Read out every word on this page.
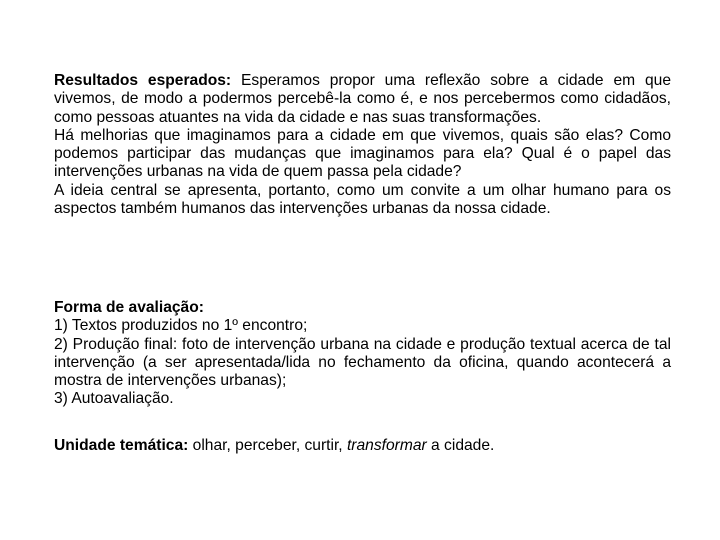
Resultados esperados: Esperamos propor uma reflexão sobre a cidade em que vivemos, de modo a podermos percebê-la como é, e nos percebermos como cidadãos, como pessoas atuantes na vida da cidade e nas suas transformações.

Há melhorias que imaginamos para a cidade em que vivemos, quais são elas? Como podemos participar das mudanças que imaginamos para ela? Qual é o papel das intervenções urbanas na vida de quem passa pela cidade?

A ideia central se apresenta, portanto, como um convite a um olhar humano para os aspectos também humanos das intervenções urbanas da nossa cidade.

Forma de avaliação:

1) Textos produzidos no 1º encontro;

2) Produção final: foto de intervenção urbana na cidade e produção textual acerca de tal intervenção (a ser apresentada/lida no fechamento da oficina, quando acontecerá a mostra de intervenções urbanas);

3) Autoavaliação.

Unidade temática: olhar, perceber, curtir, transformar a cidade.
